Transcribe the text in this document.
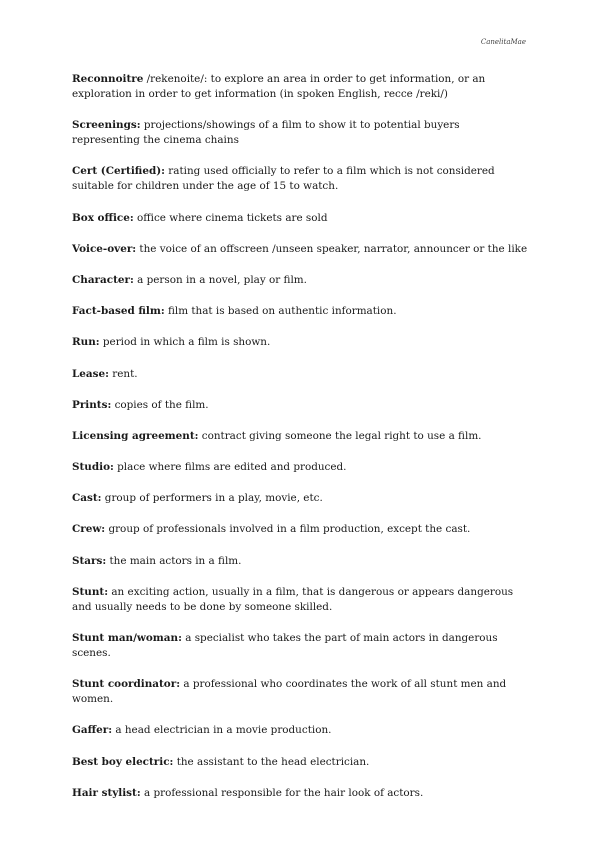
CanelitaMae
Reconnoitre /rekenoite/: to explore an area in order to get information, or an exploration in order to get information (in spoken English, recce /reki/)
Screenings: projections/showings of a film to show it to potential buyers representing the cinema chains
Cert (Certified): rating used officially to refer to a film which is not considered suitable for children under the age of 15 to watch.
Box office: office where cinema tickets are sold
Voice-over: the voice of an offscreen /unseen speaker, narrator, announcer or the like
Character: a person in a novel, play or film.
Fact-based film: film that is based on authentic information.
Run: period in which a film is shown.
Lease: rent.
Prints: copies of the film.
Licensing agreement: contract giving someone the legal right to use a film.
Studio: place where films are edited and produced.
Cast: group of performers in a play, movie, etc.
Crew: group of professionals involved in a film production, except the cast.
Stars: the main actors in a film.
Stunt: an exciting action, usually in a film, that is dangerous or appears dangerous and usually needs to be done by someone skilled.
Stunt man/woman: a specialist who takes the part of main actors in dangerous scenes.
Stunt coordinator: a professional who coordinates the work of all stunt men and women.
Gaffer: a head electrician in a movie production.
Best boy electric: the assistant to the head electrician.
Hair stylist: a professional responsible for the hair look of actors.
